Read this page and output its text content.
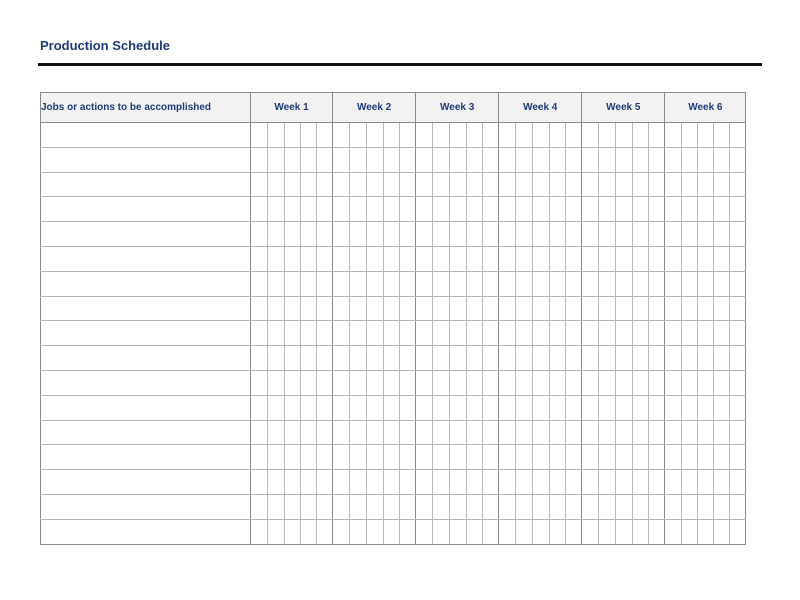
Production Schedule
Jobs or actions to be accomplished	Week 1					Week 2					Week 3					Week 4					Week 5					Week 6				
